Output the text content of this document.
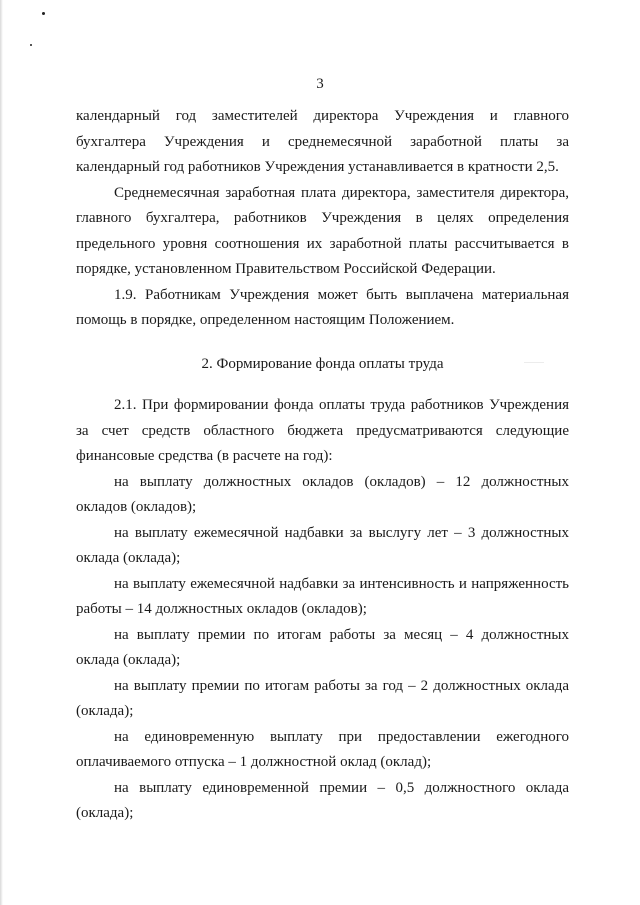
3

календарный год заместителей директора Учреждения и главного бухгалтера Учреждения и среднемесячной заработной платы за календарный год работников Учреждения устанавливается в кратности 2,5.

Среднемесячная заработная плата директора, заместителя директора, главного бухгалтера, работников Учреждения в целях определения предельного уровня соотношения их заработной платы рассчитывается в порядке, установленном Правительством Российской Федерации.

1.9. Работникам Учреждения может быть выплачена материальная помощь в порядке, определенном настоящим Положением.

2. Формирование фонда оплаты труда

2.1. При формировании фонда оплаты труда работников Учреждения за счет средств областного бюджета предусматриваются следующие финансовые средства (в расчете на год):

на выплату должностных окладов (окладов) – 12 должностных окладов (окладов);

на выплату ежемесячной надбавки за выслугу лет – 3 должностных оклада (оклада);

на выплату ежемесячной надбавки за интенсивность и напряженность работы – 14 должностных окладов (окладов);

на выплату премии по итогам работы за месяц – 4 должностных оклада (оклада);

на выплату премии по итогам работы за год – 2 должностных оклада (оклада);

на единовременную выплату при предоставлении ежегодного оплачиваемого отпуска – 1 должностной оклад (оклад);

на выплату единовременной премии – 0,5 должностного оклада (оклада);
